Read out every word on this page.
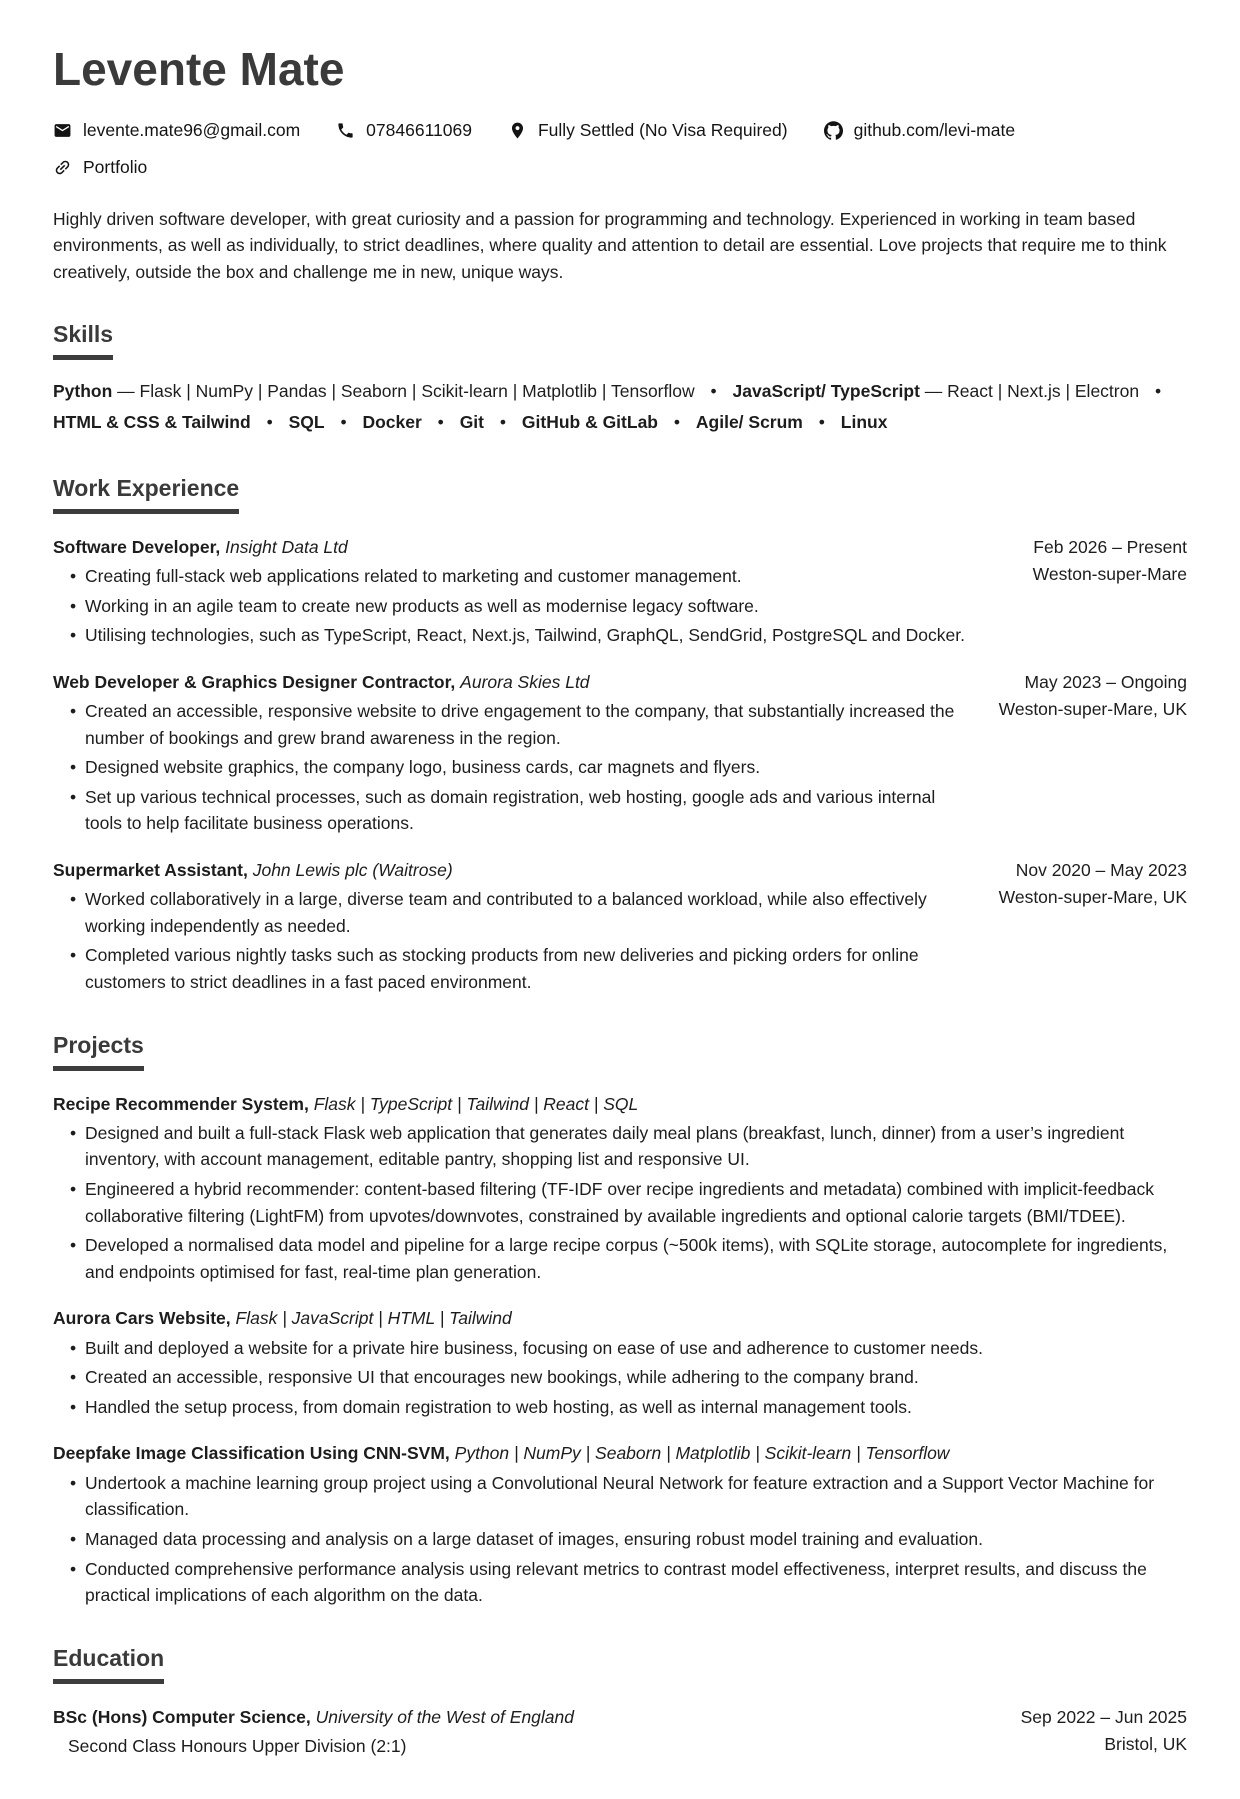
Levente Mate
levente.mate96@gmail.com	07846611069	Fully Settled (No Visa Required)	github.com/levi-mate
Portfolio

Highly driven software developer, with great curiosity and a passion for programming and technology. Experienced in working in team based environments, as well as individually, to strict deadlines, where quality and attention to detail are essential. Love projects that require me to think creatively, outside the box and challenge me in new, unique ways.

Skills

Python — Flask | NumPy | Pandas | Seaborn | Scikit-learn | Matplotlib | Tensorflow • JavaScript/ TypeScript — React | Next.js | Electron • HTML & CSS & Tailwind • SQL • Docker • Git • GitHub & GitLab • Agile/ Scrum • Linux

Work Experience
Software Developer, Insight Data Ltd
• Creating full-stack web applications related to marketing and customer management.
• Working in an agile team to create new products as well as modernise legacy software.
• Utilising technologies, such as TypeScript, React, Next.js, Tailwind, GraphQL, SendGrid, PostgreSQL and Docker.
Feb 2026 – Present
Weston-super-Mare
Web Developer & Graphics Designer Contractor, Aurora Skies Ltd
• Created an accessible, responsive website to drive engagement to the company, that substantially increased the number of bookings and grew brand awareness in the region.
• Designed website graphics, the company logo, business cards, car magnets and flyers.
• Set up various technical processes, such as domain registration, web hosting, google ads and various internal tools to help facilitate business operations.
May 2023 – Ongoing
Weston-super-Mare, UK
Supermarket Assistant, John Lewis plc (Waitrose)
• Worked collaboratively in a large, diverse team and contributed to a balanced workload, while also effectively working independently as needed.
• Completed various nightly tasks such as stocking products from new deliveries and picking orders for online customers to strict deadlines in a fast paced environment.
Nov 2020 – May 2023
Weston-super-Mare, UK
Projects
Recipe Recommender System, Flask | TypeScript | Tailwind | React | SQL
• Designed and built a full-stack Flask web application that generates daily meal plans (breakfast, lunch, dinner) from a user’s ingredient inventory, with account management, editable pantry, shopping list and responsive UI.
• Engineered a hybrid recommender: content-based filtering (TF-IDF over recipe ingredients and metadata) combined with implicit-feedback collaborative filtering (LightFM) from upvotes/downvotes, constrained by available ingredients and optional calorie targets (BMI/TDEE).
• Developed a normalised data model and pipeline for a large recipe corpus (~500k items), with SQLite storage, autocomplete for ingredients, and endpoints optimised for fast, real-time plan generation.
Aurora Cars Website, Flask | JavaScript | HTML | Tailwind
• Built and deployed a website for a private hire business, focusing on ease of use and adherence to customer needs.
• Created an accessible, responsive UI that encourages new bookings, while adhering to the company brand.
• Handled the setup process, from domain registration to web hosting, as well as internal management tools.
Deepfake Image Classification Using CNN-SVM, Python | NumPy | Seaborn | Matplotlib | Scikit-learn | Tensorflow
• Undertook a machine learning group project using a Convolutional Neural Network for feature extraction and a Support Vector Machine for classification.
• Managed data processing and analysis on a large dataset of images, ensuring robust model training and evaluation.
• Conducted comprehensive performance analysis using relevant metrics to contrast model effectiveness, interpret results, and discuss the practical implications of each algorithm on the data.
Education
BSc (Hons) Computer Science, University of the West of England
Second Class Honours Upper Division (2:1)
Sep 2022 – Jun 2025
Bristol, UK
